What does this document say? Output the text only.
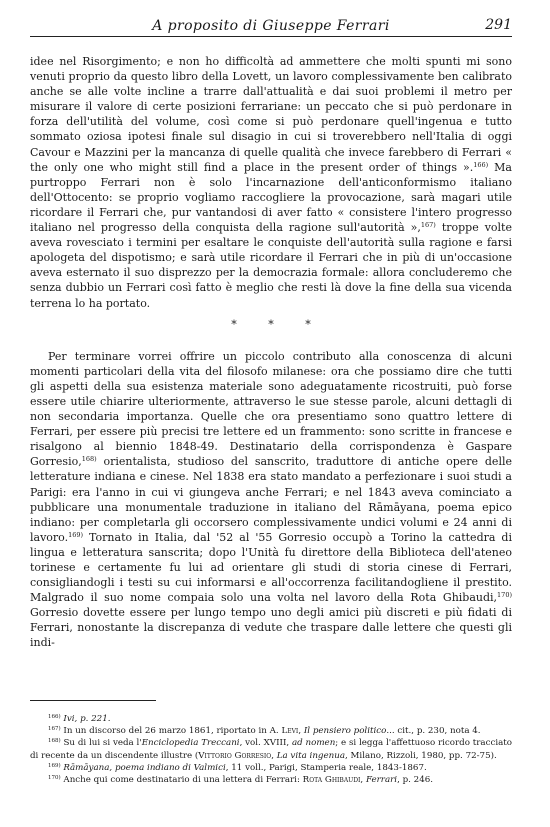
A proposito di Giuseppe Ferrari	291

idee nel Risorgimento; e non ho difficoltà ad ammettere che molti spunti mi sono venuti proprio da questo libro della Lovett, un lavoro complessivamente ben calibrato anche se alle volte incline a trarre dall'attualità e dai suoi problemi il metro per misurare il valore di certe posizioni ferrariane: un peccato che si può perdonare in forza dell'utilità del volume, così come si può perdonare quell'ingenua e tutto sommato oziosa ipotesi finale sul disagio in cui si troverebbero nell'Italia di oggi Cavour e Mazzini per la mancanza di quelle qualità che invece farebbero di Ferrari « the only one who might still find a place in the present order of things ».$^{166)}$ Ma purtroppo Ferrari non è solo l'incarnazione dell'anticonformismo italiano dell'Ottocento: se proprio vogliamo raccogliere la provocazione, sarà magari utile ricordare il Ferrari che, pur vantandosi di aver fatto « consistere l'intero progresso italiano nel progresso della conquista della ragione sull'autorità »,$^{167)}$ troppe volte aveva rovesciato i termini per esaltare le conquiste dell'autorità sulla ragione e farsi apologeta del dispotismo; e sarà utile ricordare il Ferrari che in più di un'occasione aveva esternato il suo disprezzo per la democrazia formale: allora concluderemo che senza dubbio un Ferrari così fatto è meglio che resti là dove la fine della sua vicenda terrena lo ha portato.

* * *

Per terminare vorrei offrire un piccolo contributo alla conoscenza di alcuni momenti particolari della vita del filosofo milanese: ora che possiamo dire che tutti gli aspetti della sua esistenza materiale sono adeguatamente ricostruiti, può forse essere utile chiarire ulteriormente, attraverso le sue stesse parole, alcuni dettagli di non secondaria importanza. Quelle che ora presentiamo sono quattro lettere di Ferrari, per essere più precisi tre lettere ed un frammento: sono scritte in francese e risalgono al biennio 1848-49. Destinatario della corrispondenza è Gaspare Gorresio,$^{168)}$ orientalista, studioso del sanscrito, traduttore di antiche opere delle letterature indiana e cinese. Nel 1838 era stato mandato a perfezionare i suoi studi a Parigi: era l'anno in cui vi giungeva anche Ferrari; e nel 1843 aveva cominciato a pubblicare una monumentale traduzione in italiano del Rāmāyana, poema epico indiano: per completarla gli occorsero complessivamente undici volumi e 24 anni di lavoro.$^{169)}$ Tornato in Italia, dal '52 al '55 Gorresio occupò a Torino la cattedra di lingua e letteratura sanscrita; dopo l'Unità fu direttore della Biblioteca dell'ateneo torinese e certamente fu lui ad orientare gli studi di storia cinese di Ferrari, consigliandogli i testi su cui informarsi e all'occorrenza facilitandogliene il prestito. Malgrado il suo nome compaia solo una volta nel lavoro della Rota Ghibaudi,$^{170)}$ Gorresio dovette essere per lungo tempo uno degli amici più discreti e più fidati di Ferrari, nonostante la discrepanza di vedute che traspare dalle lettere che questi gli indi-

$^{166)}$ Ivi, p. 221.

$^{167)}$ In un discorso del 26 marzo 1861, riportato in A. Levi, Il pensiero politico... cit., p. 230, nota 4.

$^{168)}$ Su di lui si veda l'Enciclopedia Treccani, vol. XVIII, ad nomen; e si legga l'affettuoso ricordo tracciato di recente da un discendente illustre (Vittorio Gorresio, La vita ingenua, Milano, Rizzoli, 1980, pp. 72-75).

$^{169)}$ Rāmāyana, poema indiano di Valmici, 11 voll., Parigi, Stamperia reale, 1843-1867.

$^{170)}$ Anche qui come destinatario di una lettera di Ferrari: Rota Ghibaudi, Ferrari, p. 246.
